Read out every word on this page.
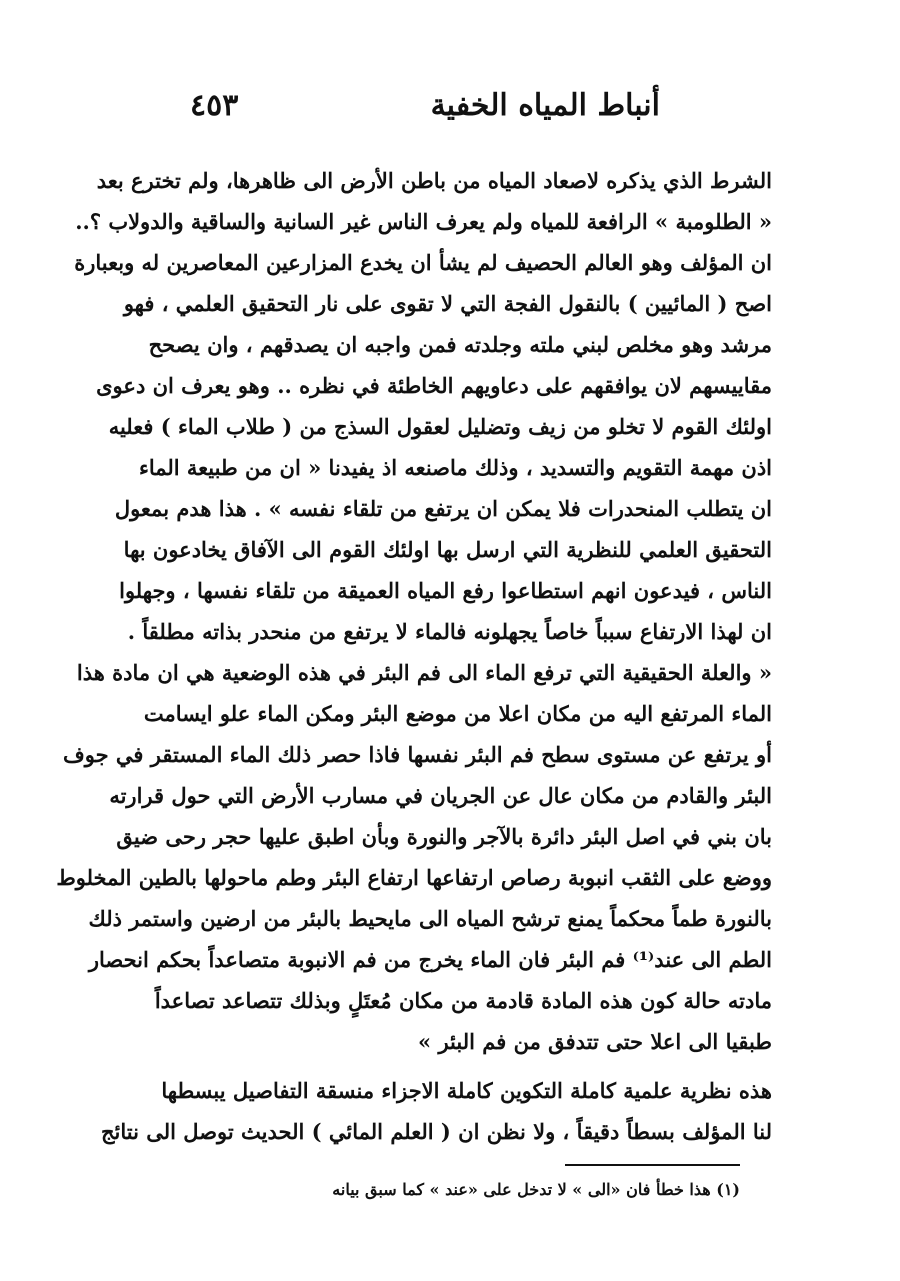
أنباط المياه الخفية
٤٥٣
الشرط الذي يذكره لاصعاد المياه من باطن الأرض الى ظاهرها، ولم تخترع بعد
« الطلومبة » الرافعة للمياه ولم يعرف الناس غير السانية والساقية والدولاب ؟..
ان المؤلف وهو العالم الحصيف لم يشأ ان يخدع المزارعين المعاصرين له وبعبارة
اصح ( المائيين ) بالنقول الفجة التي لا تقوى على نار التحقيق العلمي ، فهو
مرشد وهو مخلص لبني ملته وجلدته فمن واجبه ان يصدقهم ، وان يصحح
مقاييسهم لان يوافقهم على دعاويهم الخاطئة في نظره .. وهو يعرف ان دعوى
اولئك القوم لا تخلو من زيف وتضليل لعقول السذج من ( طلاب الماء ) فعليه
اذن مهمة التقويم والتسديد ، وذلك ماصنعه اذ يفيدنا « ان من طبيعة الماء
ان يتطلب المنحدرات فلا يمكن ان يرتفع من تلقاء نفسه » . هذا هدم بمعول
التحقيق العلمي للنظرية التي ارسل بها اولئك القوم الى الآفاق يخادعون بها
الناس ، فيدعون انهم استطاعوا رفع المياه العميقة من تلقاء نفسها ، وجهلوا
ان لهذا الارتفاع سبباً خاصاً يجهلونه فالماء لا يرتفع من منحدر بذاته مطلقاً .
« والعلة الحقيقية التي ترفع الماء الى فم البئر في هذه الوضعية هي ان مادة هذا
الماء المرتفع اليه من مكان اعلا من موضع البئر ومكن الماء علو ايسامت
أو يرتفع عن مستوى سطح فم البئر نفسها فاذا حصر ذلك الماء المستقر في جوف
البئر والقادم من مكان عال عن الجريان في مسارب الأرض التي حول قرارته
بان بني في اصل البئر دائرة بالآجر والنورة وبأن اطبق عليها حجر رحى ضيق
ووضع على الثقب انبوبة رصاص ارتفاعها ارتفاع البئر وطم ماحولها بالطين المخلوط
بالنورة طماً محكماً يمنع ترشح المياه الى مايحيط بالبئر من ارضين واستمر ذلك
الطم الى عند⁽¹⁾ فم البئر فان الماء يخرج من فم الانبوبة متصاعداً بحكم انحصار
مادته حالة كون هذه المادة قادمة من مكان مُعتَلٍ وبذلك تتصاعد تصاعداً
طبقيا الى اعلا حتى تتدفق من فم البئر »
هذه نظرية علمية كاملة التكوين كاملة الاجزاء منسقة التفاصيل يبسطها
لنا المؤلف بسطاً دقيقاً ، ولا نظن ان ( العلم المائي ) الحديث توصل الى نتائج
(١) هذا خطأ فان «الى » لا تدخل على «عند » كما سبق بيانه
